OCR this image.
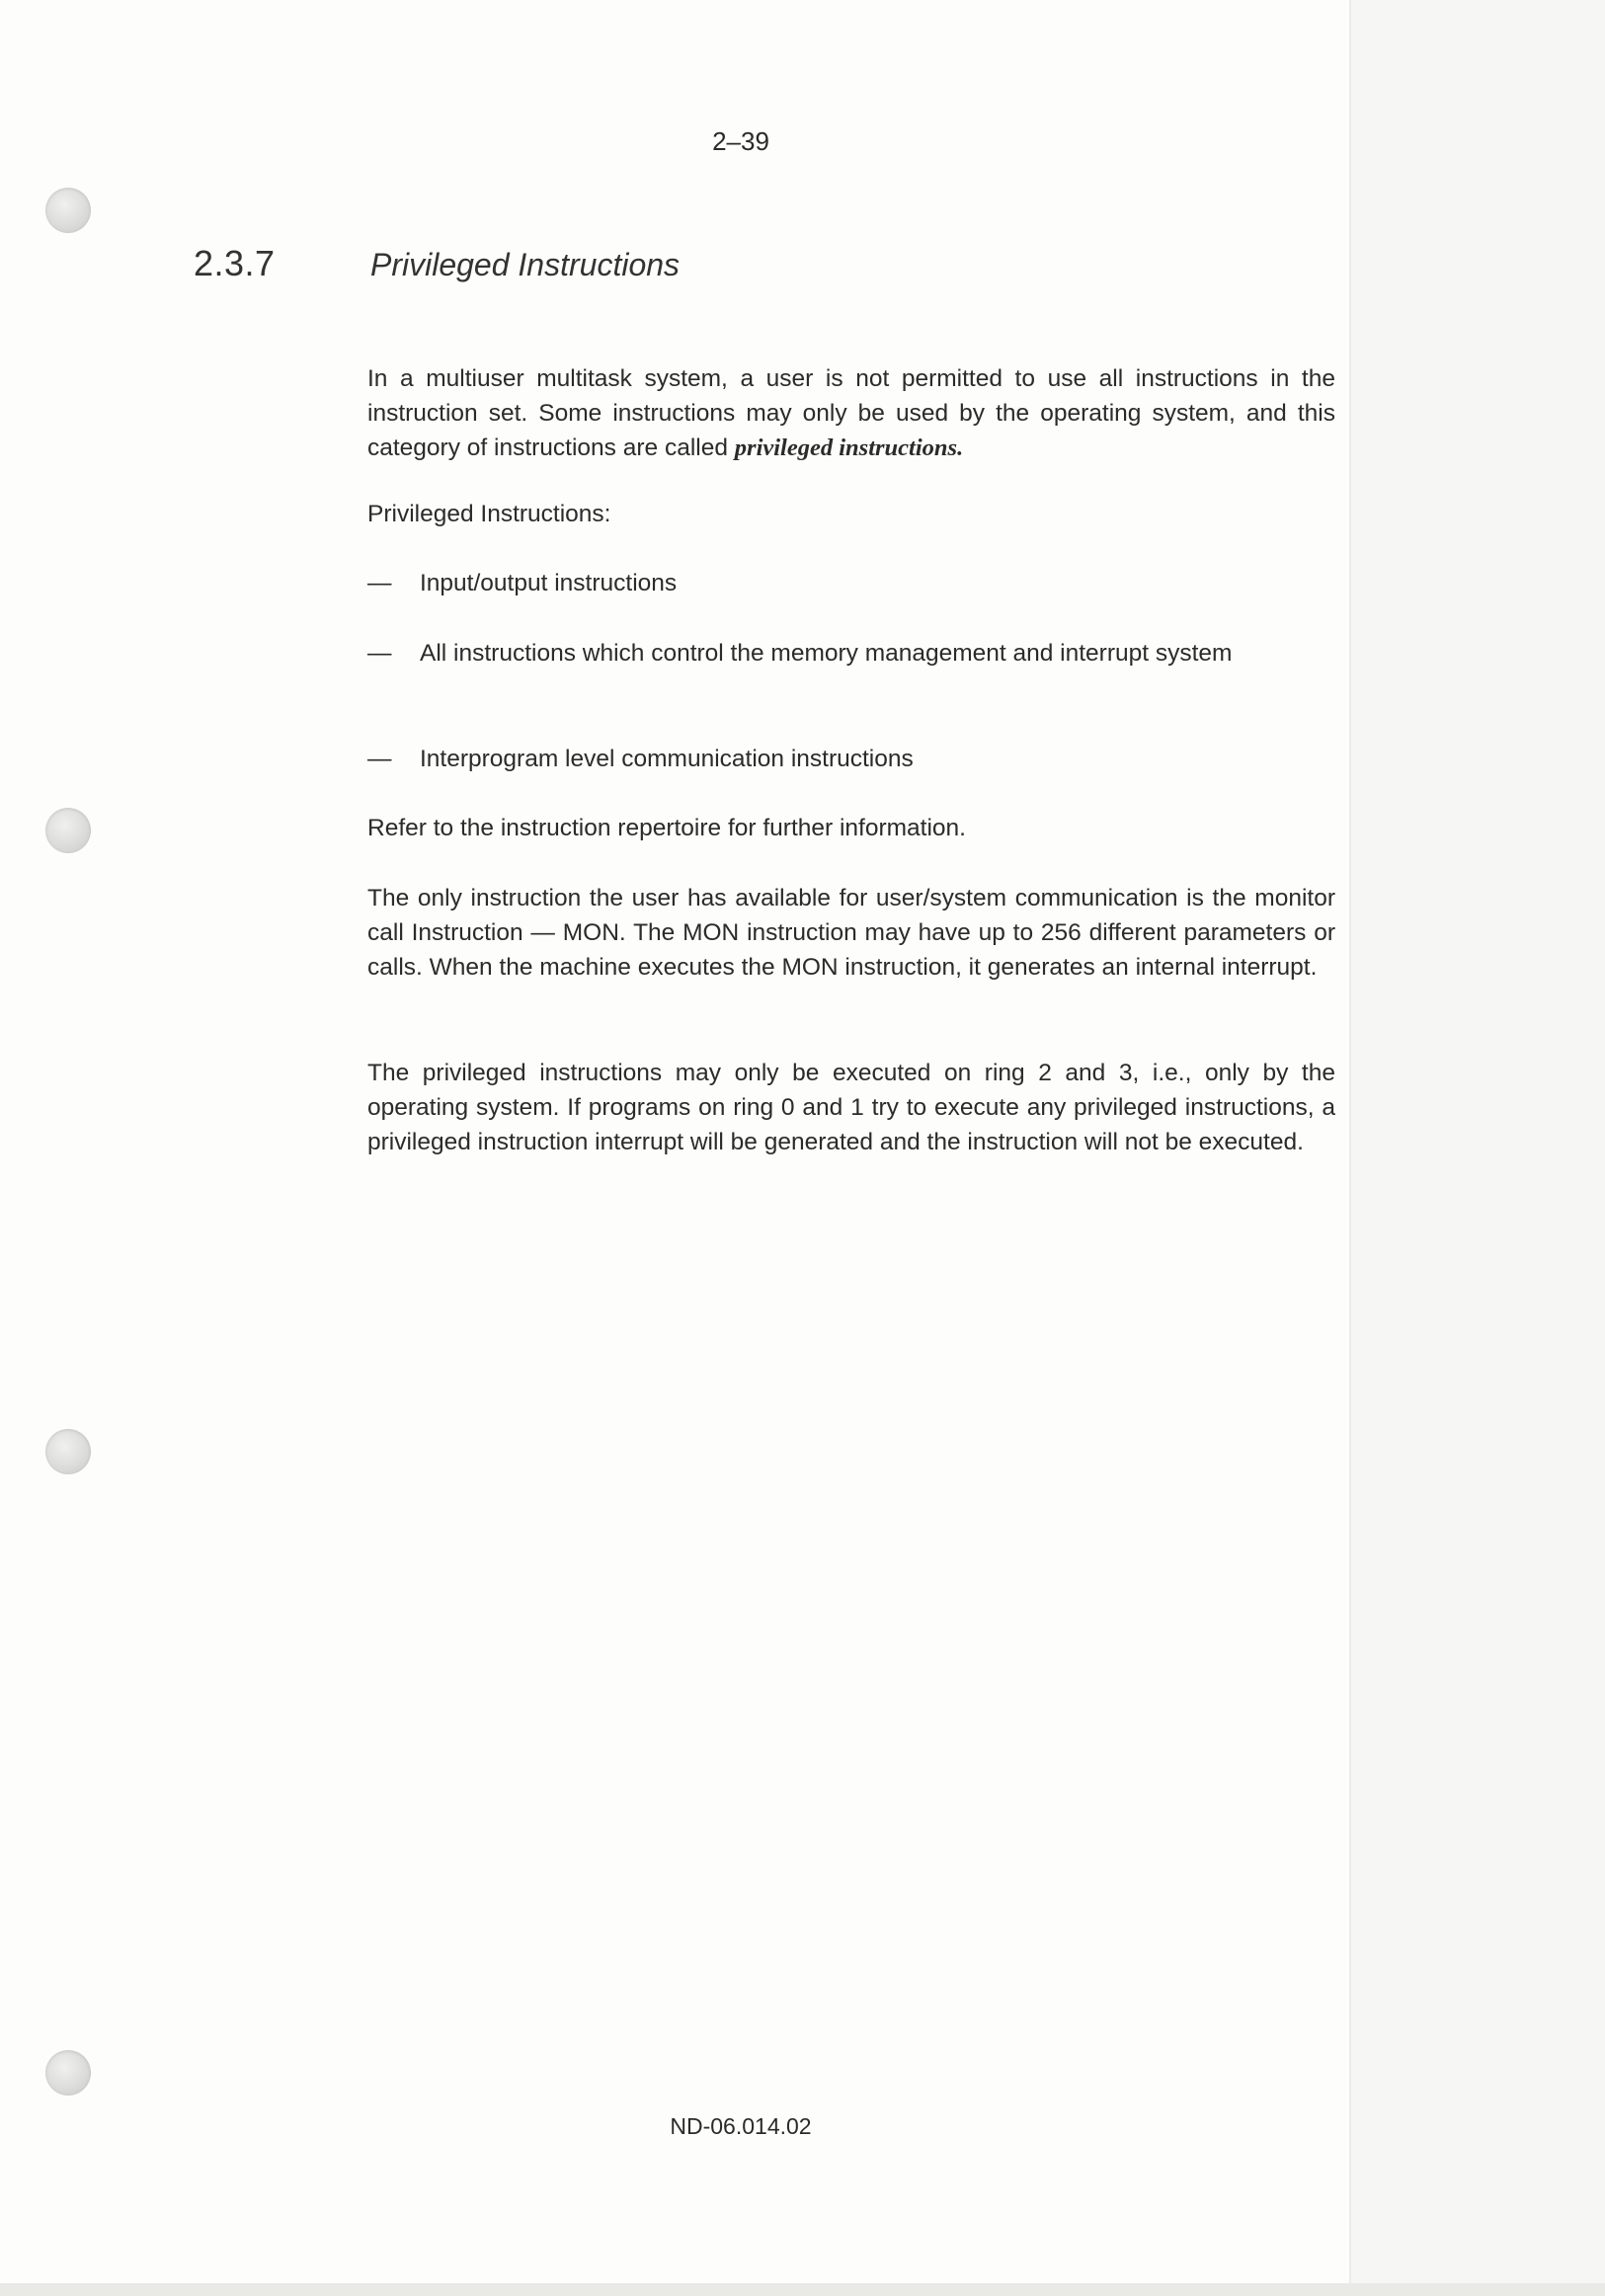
2–39
2.3.7	Privileged Instructions

In a multiuser multitask system, a user is not permitted to use all instructions in the instruction set. Some instructions may only be used by the operating system, and this category of instructions are called privileged instructions.

Privileged Instructions:
— Input/output instructions
— All instructions which control the memory management and interrupt system
— Interprogram level communication instructions
Refer to the instruction repertoire for further information.
The only instruction the user has available for user/system communication is the monitor call Instruction — MON. The MON instruction may have up to 256 different parameters or calls. When the machine executes the MON instruction, it generates an internal interrupt.
The privileged instructions may only be executed on ring 2 and 3, i.e., only by the operating system. If programs on ring 0 and 1 try to execute any privileged instructions, a privileged instruction interrupt will be generated and the instruction will not be executed.
ND-06.014.02
